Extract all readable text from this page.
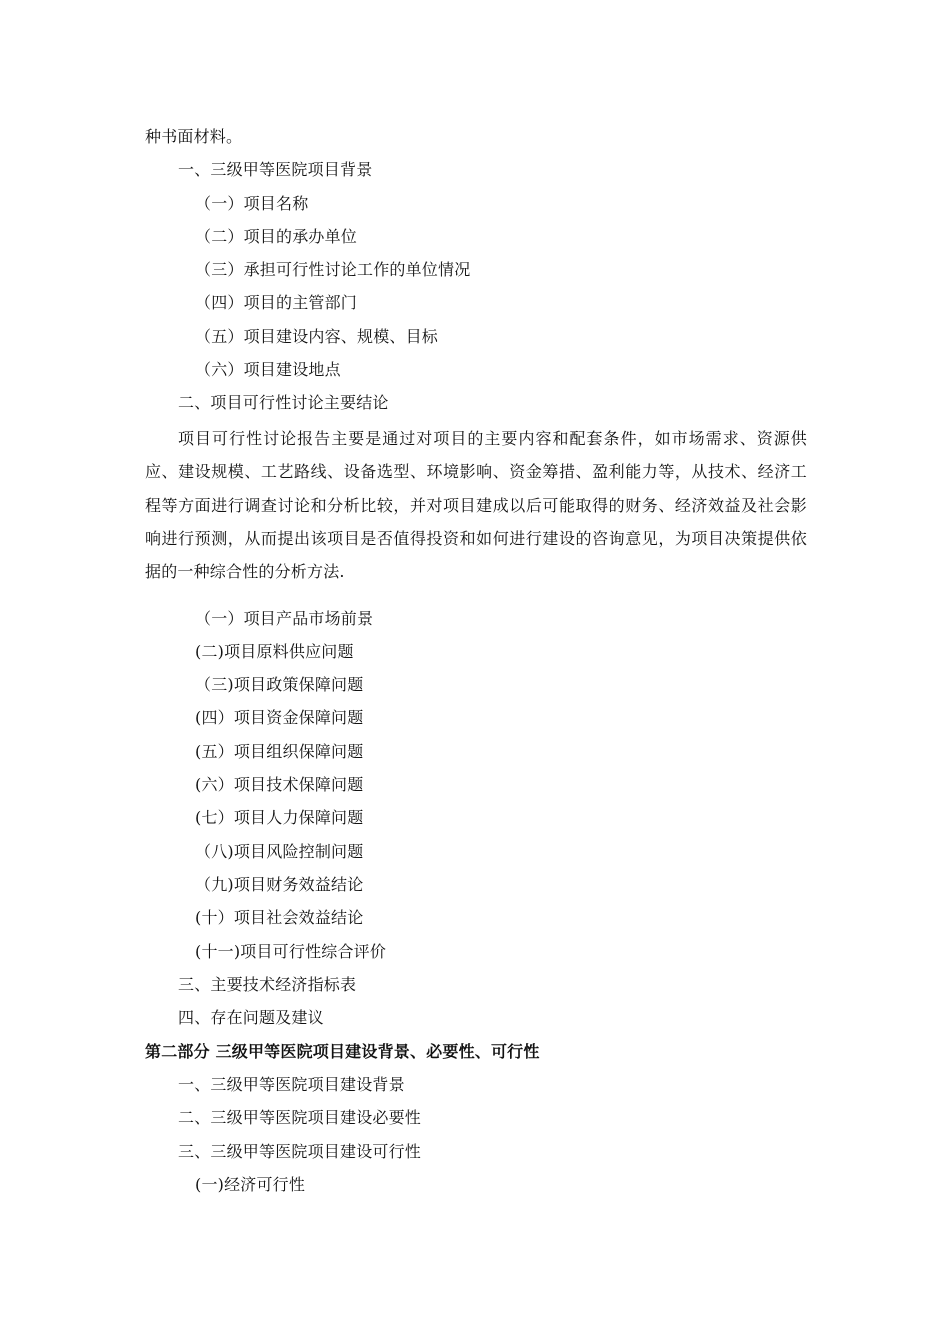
种书面材料。
一、三级甲等医院项目背景
（一）项目名称
（二）项目的承办单位
（三）承担可行性讨论工作的单位情况
（四）项目的主管部门
（五）项目建设内容、规模、目标
（六）项目建设地点
二、项目可行性讨论主要结论
项目可行性讨论报告主要是通过对项目的主要内容和配套条件，如市场需求、资源供应、建设规模、工艺路线、设备选型、环境影响、资金筹措、盈利能力等，从技术、经济工程等方面进行调查讨论和分析比较，并对项目建成以后可能取得的财务、经济效益及社会影响进行预测，从而提出该项目是否值得投资和如何进行建设的咨询意见，为项目决策提供依据的一种综合性的分析方法.
（一）项目产品市场前景
(二)项目原料供应问题
（三)项目政策保障问题
(四）项目资金保障问题
(五）项目组织保障问题
(六）项目技术保障问题
(七）项目人力保障问题
（八)项目风险控制问题
（九)项目财务效益结论
(十）项目社会效益结论
(十一)项目可行性综合评价
三、主要技术经济指标表
四、存在问题及建议
第二部分 三级甲等医院项目建设背景、必要性、可行性
一、三级甲等医院项目建设背景
二、三级甲等医院项目建设必要性
三、三级甲等医院项目建设可行性
(一)经济可行性
